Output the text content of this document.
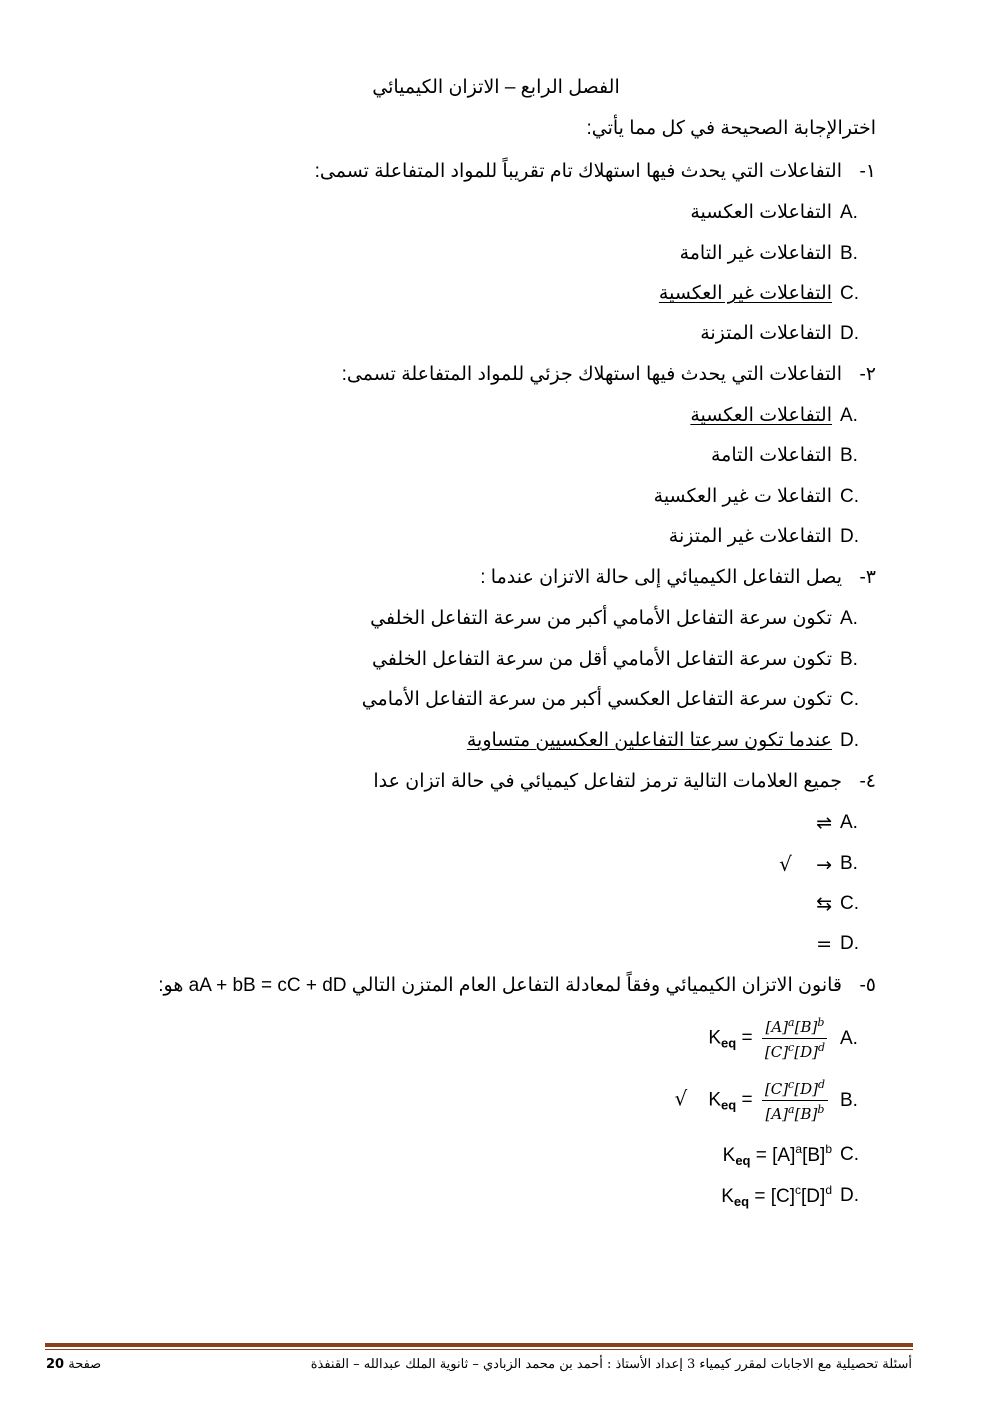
الفصل الرابع – الاتزان الكيميائي
اخترالإجابة الصحيحة في كل مما يأتي:
١-التفاعلات التي يحدث فيها استهلاك تام تقريباً للمواد المتفاعلة تسمى:
A.
التفاعلات العكسية
B.
التفاعلات غير التامة
C.
التفاعلات غير العكسية
D.
التفاعلات المتزنة
٢-التفاعلات التي يحدث فيها استهلاك جزئي للمواد المتفاعلة تسمى:
A.
التفاعلات العكسية
B.
التفاعلات التامة
C.
التفاعلا ت غير العكسية
D.
التفاعلات غير المتزنة
٣-يصل التفاعل الكيميائي إلى حالة الاتزان عندما :
A.
تكون سرعة التفاعل الأمامي أكبر من سرعة التفاعل الخلفي
B.
تكون سرعة التفاعل الأمامي أقل من سرعة التفاعل الخلفي
C.
تكون سرعة التفاعل العكسي أكبر من سرعة التفاعل الأمامي
D.
عندما تكون سرعتا التفاعلين العكسيين متساوية
٤-جميع العلامات التالية ترمز لتفاعل كيميائي في حالة اتزان عدا
A.
⇌
B.
√ →
C.
⇆
D.
=
٥-قانون الاتزان الكيميائي وفقاً لمعادلة التفاعل العام المتزن التالي aA + bB = cC + dD هو:
A.
$K_{eq} = \frac{[A]^a[B]^b}{[C]^c[D]^d}$
B.
√ $K_{eq} = \frac{[C]^c[D]^d}{[A]^a[B]^b}$
C.
$K_{eq} = [A]^a[B]^b$
D.
$K_{eq} = [C]^c[D]^d$
أسئلة تحصيلية مع الاجابات لمقرر كيمياء 3 إعداد الأستاذ : أحمد بن محمد الزبادي – ثانوية الملك عبدالله – القنفذة
صفحة 20
